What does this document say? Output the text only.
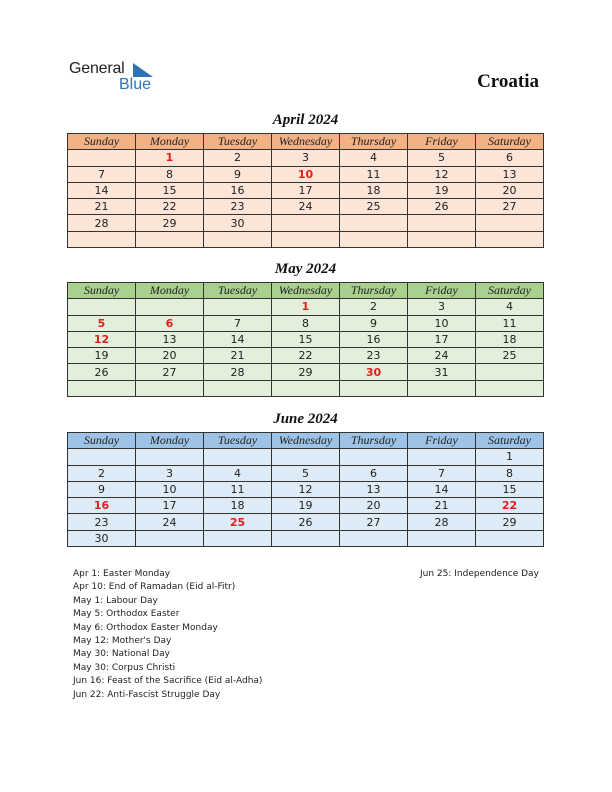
General
Blue	Croatia
April 2024
Sunday	Monday	Tuesday	Wednesday	Thursday	Friday	Saturday
	1	2	3	4	5	6
7	8	9	10	11	12	13
14	15	16	17	18	19	20
21	22	23	24	25	26	27
28	29	30				

May 2024
Sunday	Monday	Tuesday	Wednesday	Thursday	Friday	Saturday
			1	2	3	4
5	6	7	8	9	10	11
12	13	14	15	16	17	18
19	20	21	22	23	24	25
26	27	28	29	30	31	

June 2024
Sunday	Monday	Tuesday	Wednesday	Thursday	Friday	Saturday
						1
2	3	4	5	6	7	8
9	10	11	12	13	14	15
16	17	18	19	20	21	22
23	24	25	26	27	28	29
30						
Apr 1: Easter Monday
Apr 10: End of Ramadan (Eid al-Fitr)
May 1: Labour Day
May 5: Orthodox Easter
May 6: Orthodox Easter Monday
May 12: Mother's Day
May 30: National Day
May 30: Corpus Christi
Jun 16: Feast of the Sacrifice (Eid al-Adha)
Jun 22: Anti-Fascist Struggle Day
Jun 25: Independence Day
